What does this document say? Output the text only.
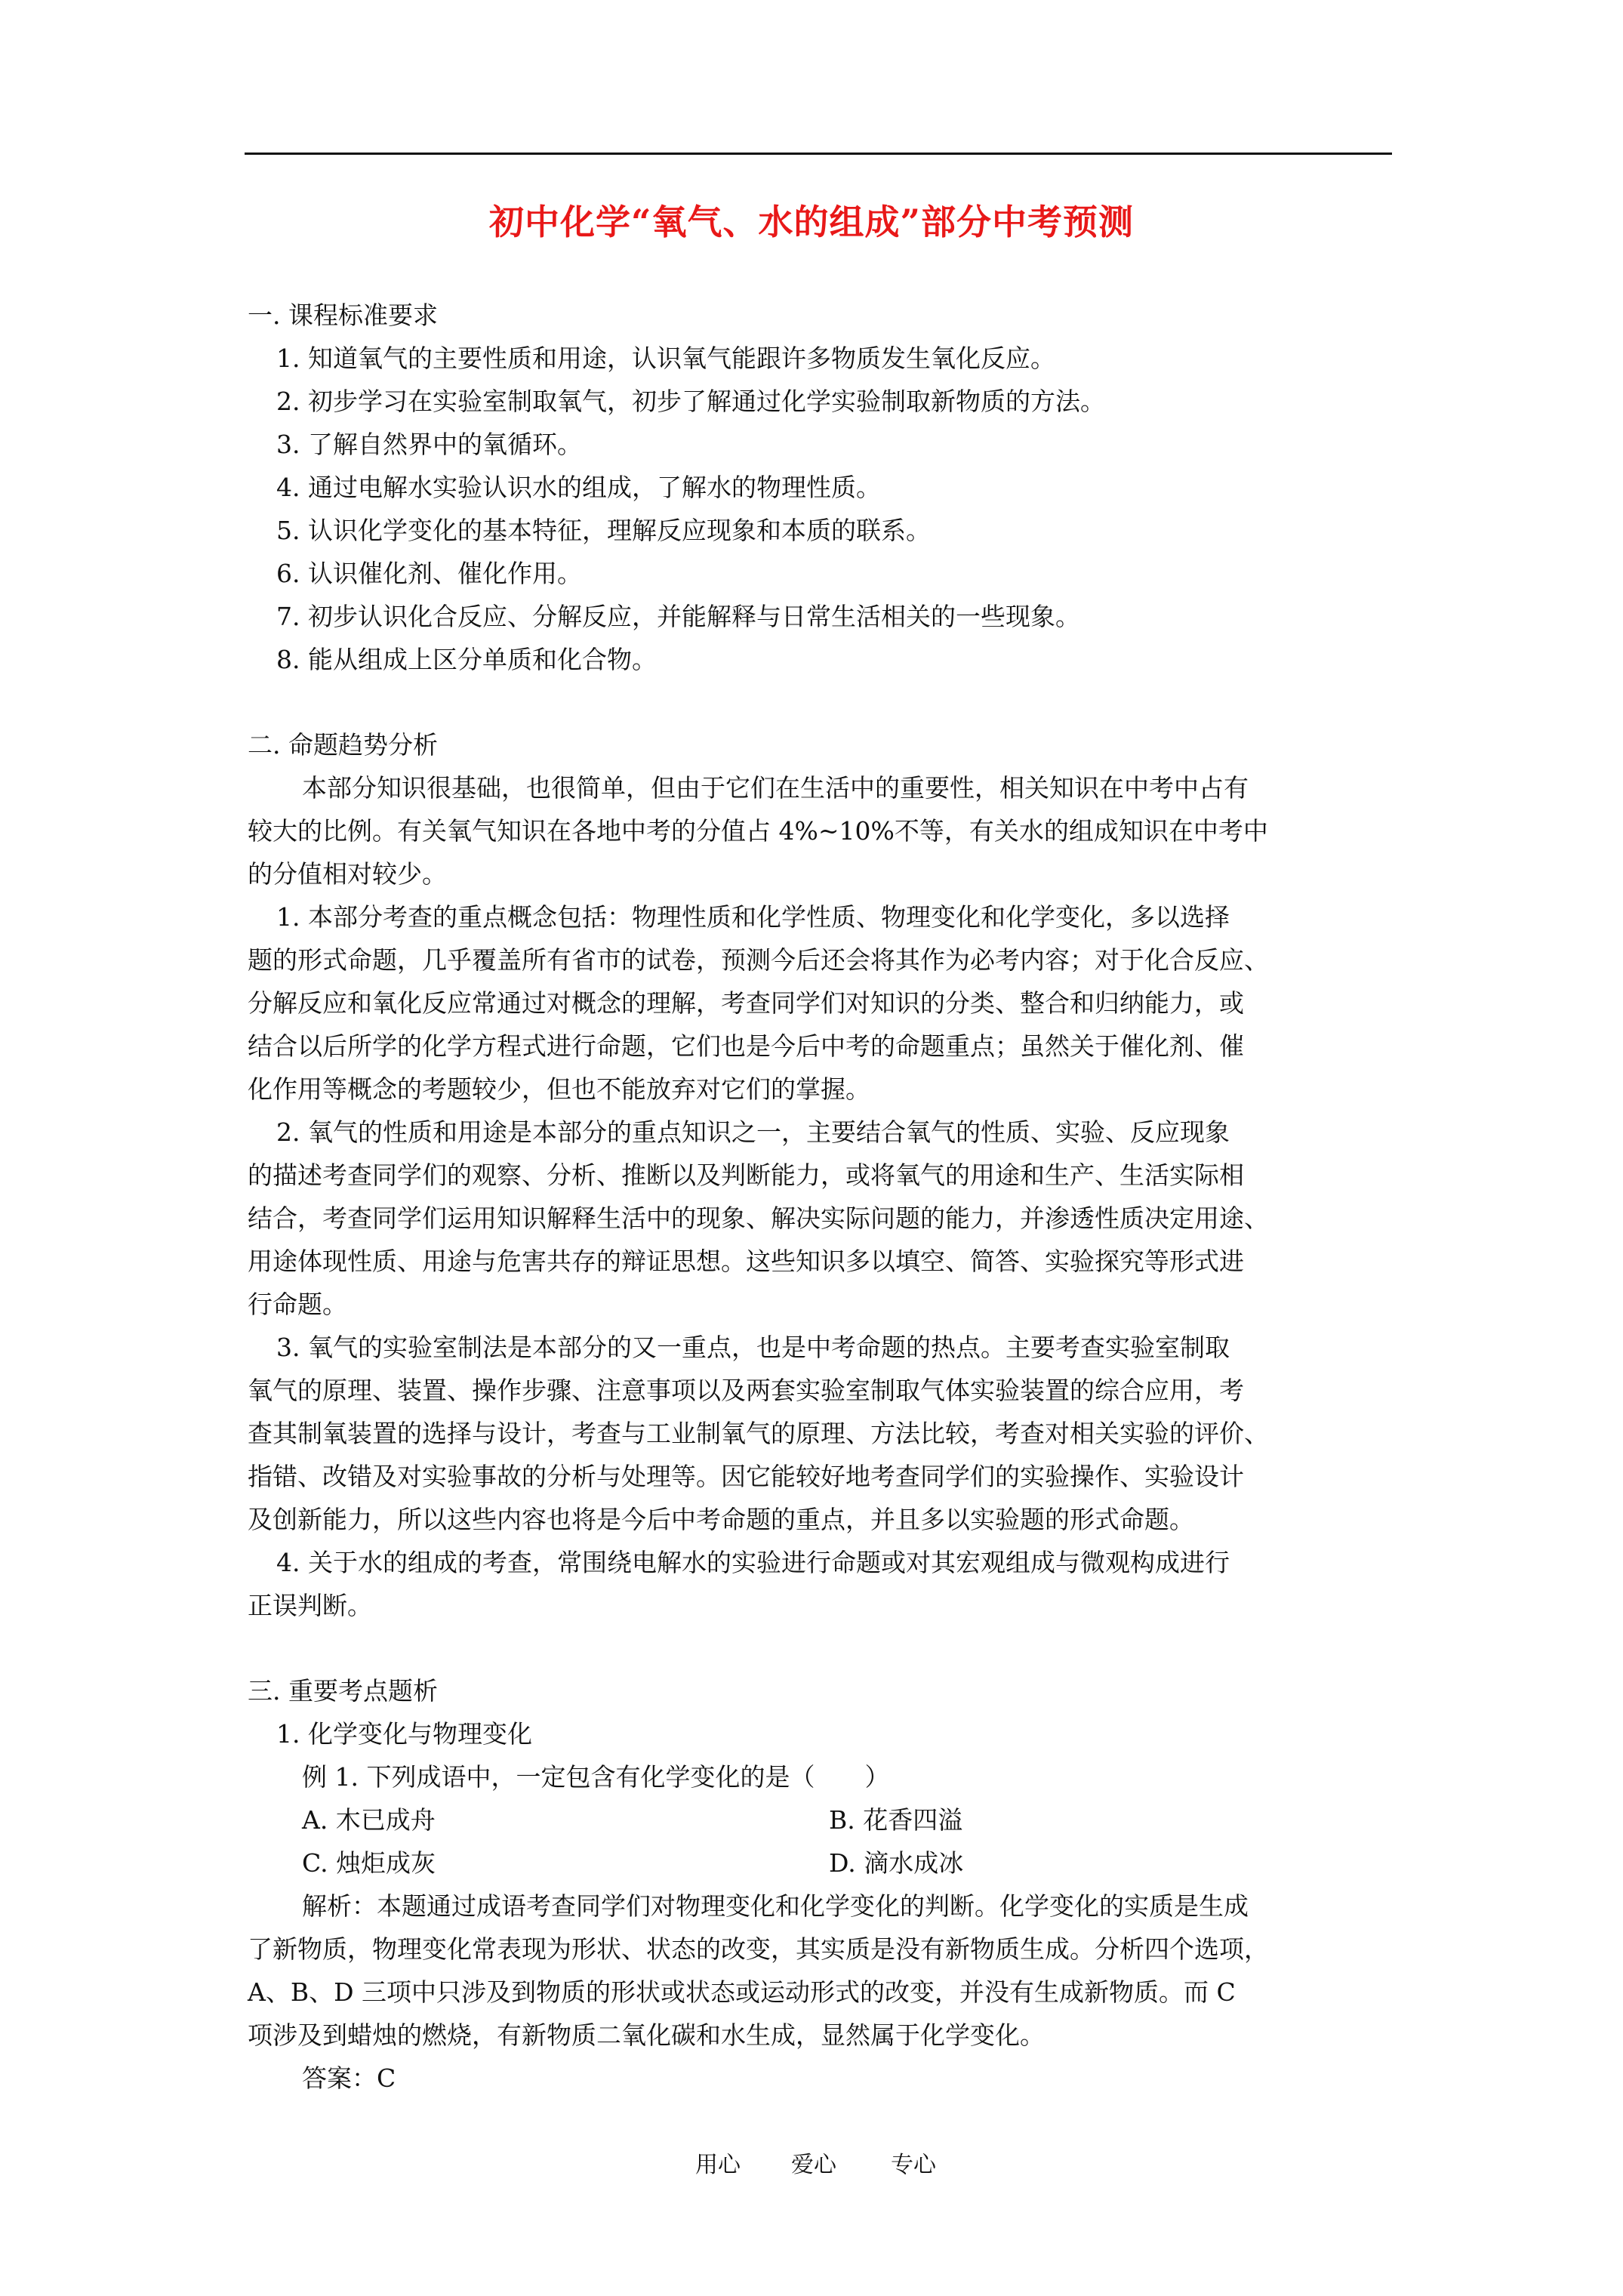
初中化学“氧气、水的组成”部分中考预测
一. 课程标准要求
1. 知道氧气的主要性质和用途，认识氧气能跟许多物质发生氧化反应。
2. 初步学习在实验室制取氧气，初步了解通过化学实验制取新物质的方法。
3. 了解自然界中的氧循环。
4. 通过电解水实验认识水的组成，了解水的物理性质。
5. 认识化学变化的基本特征，理解反应现象和本质的联系。
6. 认识催化剂、催化作用。
7. 初步认识化合反应、分解反应，并能解释与日常生活相关的一些现象。
8. 能从组成上区分单质和化合物。
二. 命题趋势分析
本部分知识很基础，也很简单，但由于它们在生活中的重要性，相关知识在中考中占有
较大的比例。有关氧气知识在各地中考的分值占 4%~10%不等，有关水的组成知识在中考中
的分值相对较少。
1. 本部分考查的重点概念包括：物理性质和化学性质、物理变化和化学变化，多以选择
题的形式命题，几乎覆盖所有省市的试卷，预测今后还会将其作为必考内容；对于化合反应、
分解反应和氧化反应常通过对概念的理解，考查同学们对知识的分类、整合和归纳能力，或
结合以后所学的化学方程式进行命题，它们也是今后中考的命题重点；虽然关于催化剂、催
化作用等概念的考题较少，但也不能放弃对它们的掌握。
2. 氧气的性质和用途是本部分的重点知识之一，主要结合氧气的性质、实验、反应现象
的描述考查同学们的观察、分析、推断以及判断能力，或将氧气的用途和生产、生活实际相
结合，考查同学们运用知识解释生活中的现象、解决实际问题的能力，并渗透性质决定用途、
用途体现性质、用途与危害共存的辩证思想。这些知识多以填空、简答、实验探究等形式进
行命题。
3. 氧气的实验室制法是本部分的又一重点，也是中考命题的热点。主要考查实验室制取
氧气的原理、装置、操作步骤、注意事项以及两套实验室制取气体实验装置的综合应用，考
查其制氧装置的选择与设计，考查与工业制氧气的原理、方法比较，考查对相关实验的评价、
指错、改错及对实验事故的分析与处理等。因它能较好地考查同学们的实验操作、实验设计
及创新能力，所以这些内容也将是今后中考命题的重点，并且多以实验题的形式命题。
4. 关于水的组成的考查，常围绕电解水的实验进行命题或对其宏观组成与微观构成进行
正误判断。
三. 重要考点题析
1. 化学变化与物理变化
例 1. 下列成语中，一定包含有化学变化的是（　　）
A. 木已成舟	B. 花香四溢
C. 烛炬成灰	D. 滴水成冰
解析：本题通过成语考查同学们对物理变化和化学变化的判断。化学变化的实质是生成
了新物质，物理变化常表现为形状、状态的改变，其实质是没有新物质生成。分析四个选项，
A、B、D 三项中只涉及到物质的形状或状态或运动形式的改变，并没有生成新物质。而 C
项涉及到蜡烛的燃烧，有新物质二氧化碳和水生成，显然属于化学变化。
答案：C
用心 爱心 专心
